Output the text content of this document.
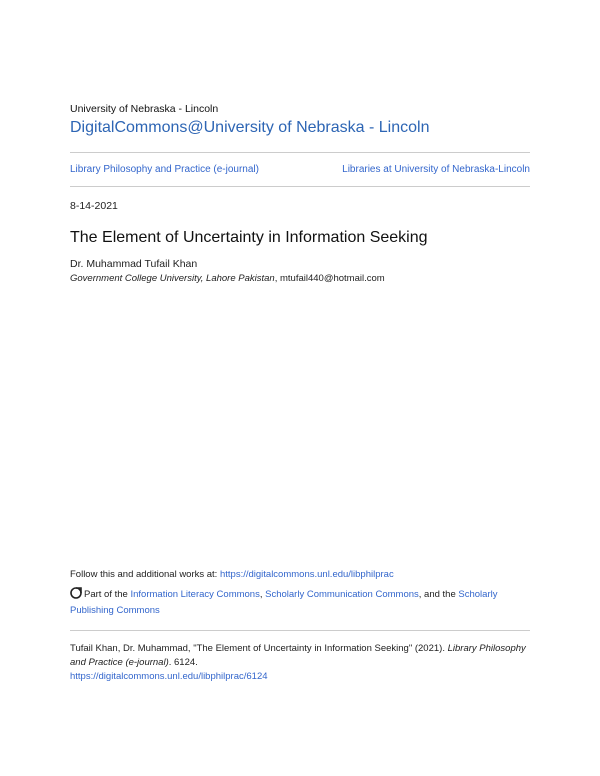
University of Nebraska - Lincoln
DigitalCommons@University of Nebraska - Lincoln
Library Philosophy and Practice (e-journal)	Libraries at University of Nebraska-Lincoln
8-14-2021
The Element of Uncertainty in Information Seeking
Dr. Muhammad Tufail Khan
Government College University, Lahore Pakistan, mtufail440@hotmail.com
Follow this and additional works at: https://digitalcommons.unl.edu/libphilprac
Part of the Information Literacy Commons, Scholarly Communication Commons, and the Scholarly Publishing Commons
Tufail Khan, Dr. Muhammad, "The Element of Uncertainty in Information Seeking" (2021). Library Philosophy and Practice (e-journal). 6124.
https://digitalcommons.unl.edu/libphilprac/6124
